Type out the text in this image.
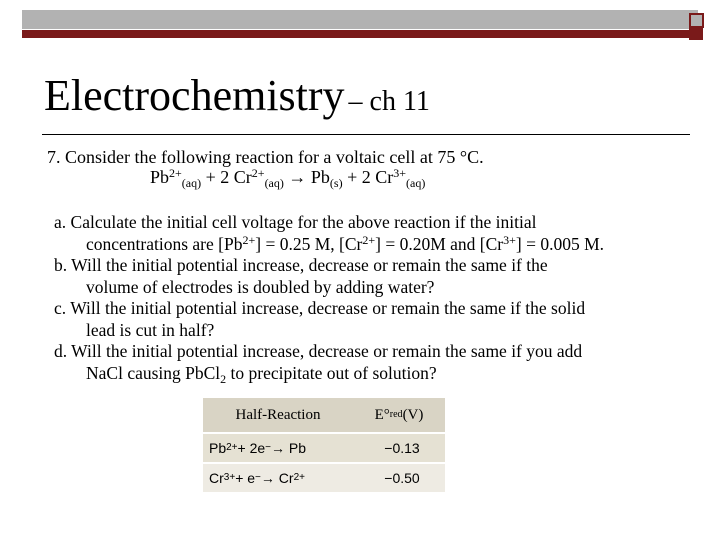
Electrochemistry – ch 11
7. Consider the following reaction for a voltaic cell at 75 °C.
$Pb^{2+}_{(aq)} + 2$ $Cr^{2+}_{(aq)} \to Pb_{(s)} + 2$ $Cr^{3+}_{(aq)}$

a. Calculate the initial cell voltage for the above reaction if the initial

concentrations are $[Pb^{2+}] = 0.25$ M, $[Cr^{2+}] = 0.20M$ and $[Cr^{3+}] = 0.005$ M.

b. Will the initial potential increase, decrease or remain the same if the

volume of electrodes is doubled by adding water?

c. Will the initial potential increase, decrease or remain the same if the solid

lead is cut in half?

d. Will the initial potential increase, decrease or remain the same if you add

NaCl causing PbCl$_2$ to precipitate out of solution?

Half-Reaction	E° red (V)
Pb 2+ + 2e − → Pb	−0.13
Cr 3+ + e − → Cr 2+	−0.50
